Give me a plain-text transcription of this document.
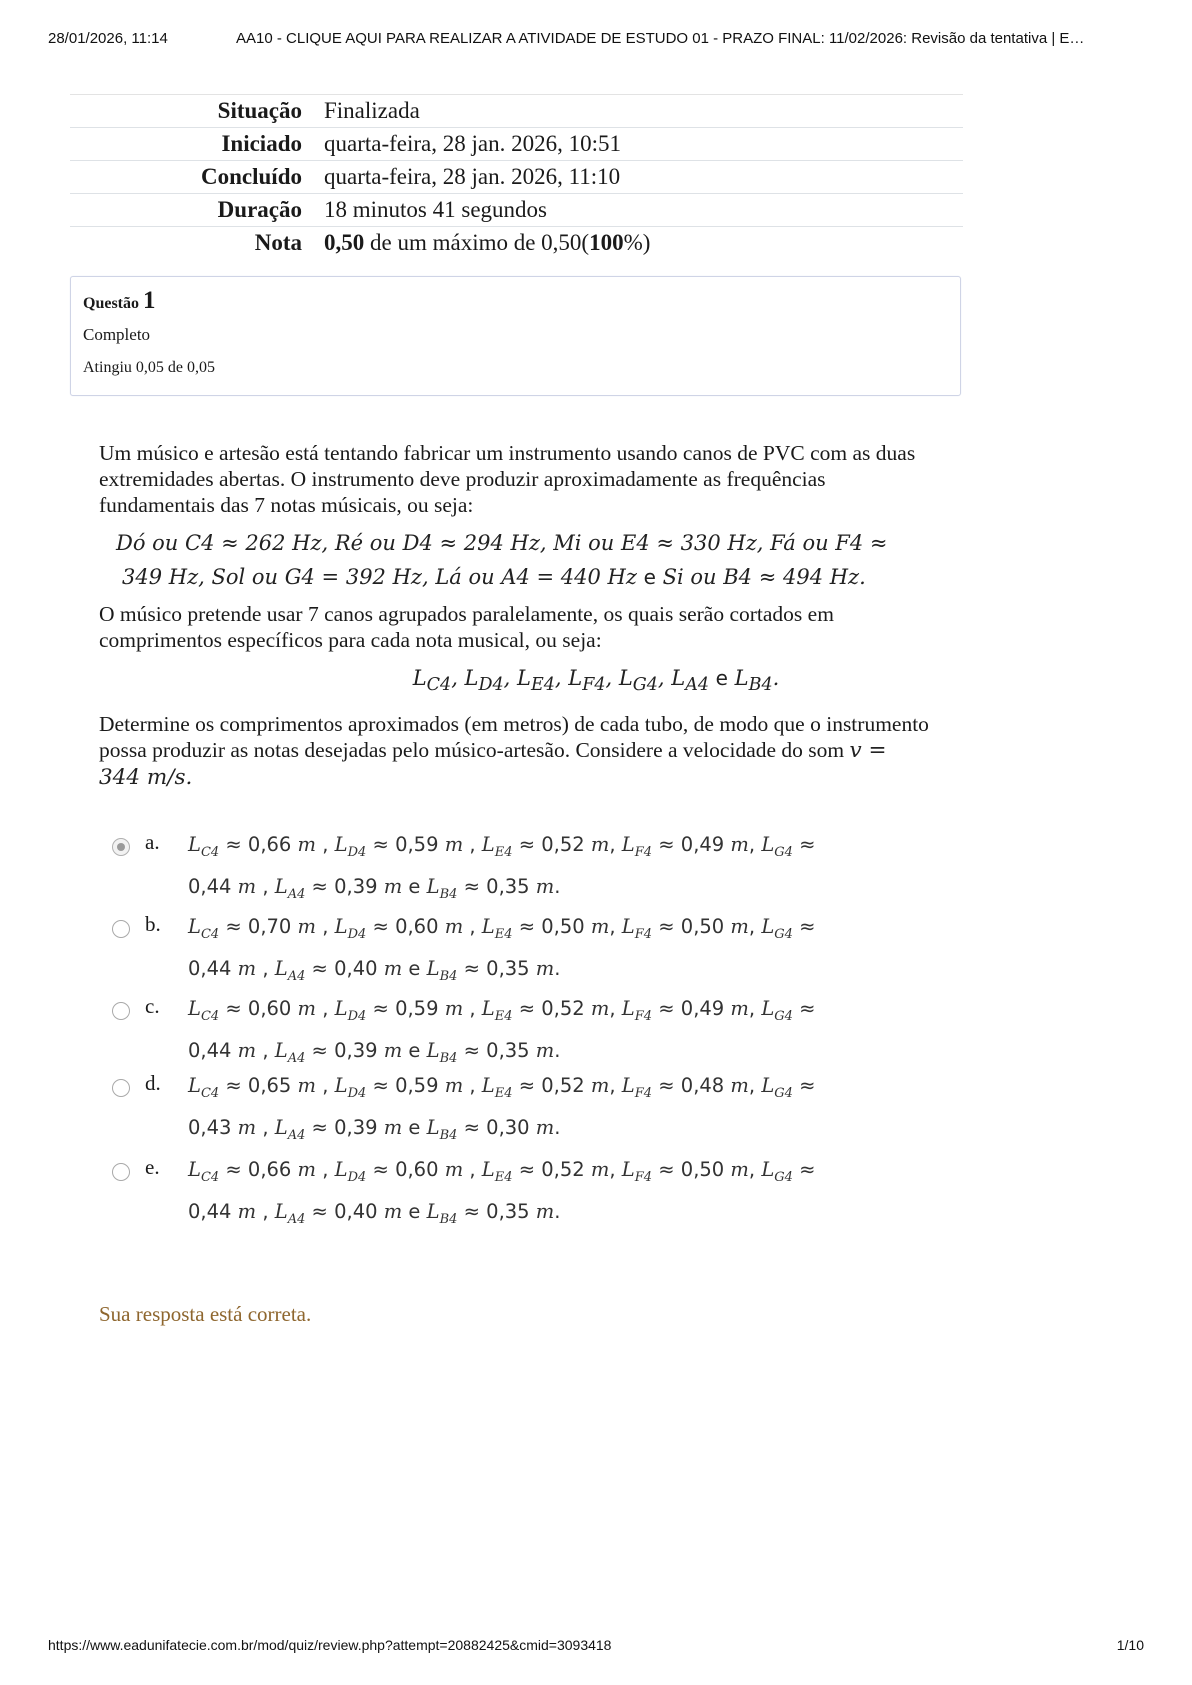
28/01/2026, 11:14	AA10 - CLIQUE AQUI PARA REALIZAR A ATIVIDADE DE ESTUDO 01 - PRAZO FINAL: 11/02/2026: Revisão da tentativa | E…
Situação	Finalizada
Iniciado	quarta-feira, 28 jan. 2026, 10:51
Concluído	quarta-feira, 28 jan. 2026, 11:10
Duração	18 minutos 41 segundos
Nota	0,50 de um máximo de 0,50(100%)
Questão 1
Completo
Atingiu 0,05 de 0,05
Um músico e artesão está tentando fabricar um instrumento usando canos de PVC com as duas extremidades abertas. O instrumento deve produzir aproximadamente as frequências fundamentais das 7 notas músicais, ou seja:
Dó ou C4 ≈ 262 Hz, Ré ou D4 ≈ 294 Hz, Mi ou E4 ≈ 330 Hz, Fá ou F4 ≈
349 Hz, Sol ou G4 = 392 Hz, Lá ou A4 = 440 Hz e Si ou B4 ≈ 494 Hz.
O músico pretende usar 7 canos agrupados paralelamente, os quais serão cortados em comprimentos específicos para cada nota musical, ou seja:
$L_{C4}$, $L_{D4}$, $L_{E4}$, $L_{F4}$, $L_{G4}$, $L_{A4}$ e $L_{B4}$.
Determine os comprimentos aproximados (em metros) de cada tubo, de modo que o instrumento possa produzir as notas desejadas pelo músico-artesão. Considere a velocidade do som v = 344 m/s.
a. $L_{C4} \approx 0,66$ m , $L_{D4} \approx 0,59$ m , $L_{E4} \approx 0,52$ m, $L_{F4} \approx 0,49$ m, $L_{G4}$ ≈
0,44 m , $L_{A4} \approx 0,39$ m e $L_{B4} \approx 0,35$ m.
b. $L_{C4} \approx 0,70$ m , $L_{D4} \approx 0,60$ m , $L_{E4} \approx 0,50$ m, $L_{F4} \approx 0,50$ m, $L_{G4}$ ≈
0,44 m , $L_{A4} \approx 0,40$ m e $L_{B4} \approx 0,35$ m.
c. $L_{C4} \approx 0,60$ m , $L_{D4} \approx 0,59$ m , $L_{E4} \approx 0,52$ m, $L_{F4} \approx 0,49$ m, $L_{G4}$ ≈
0,44 m , $L_{A4} \approx 0,39$ m e $L_{B4} \approx 0,35$ m.
d. $L_{C4} \approx 0,65$ m , $L_{D4} \approx 0,59$ m , $L_{E4} \approx 0,52$ m, $L_{F4} \approx 0,48$ m, $L_{G4}$ ≈
0,43 m , $L_{A4} \approx 0,39$ m e $L_{B4} \approx 0,30$ m.
e. $L_{C4} \approx 0,66$ m , $L_{D4} \approx 0,60$ m , $L_{E4} \approx 0,52$ m, $L_{F4} \approx 0,50$ m, $L_{G4}$ ≈
0,44 m , $L_{A4} \approx 0,40$ m e $L_{B4} \approx 0,35$ m.
Sua resposta está correta.
https://www.eadunifatecie.com.br/mod/quiz/review.php?attempt=20882425&cmid=3093418	1/10
